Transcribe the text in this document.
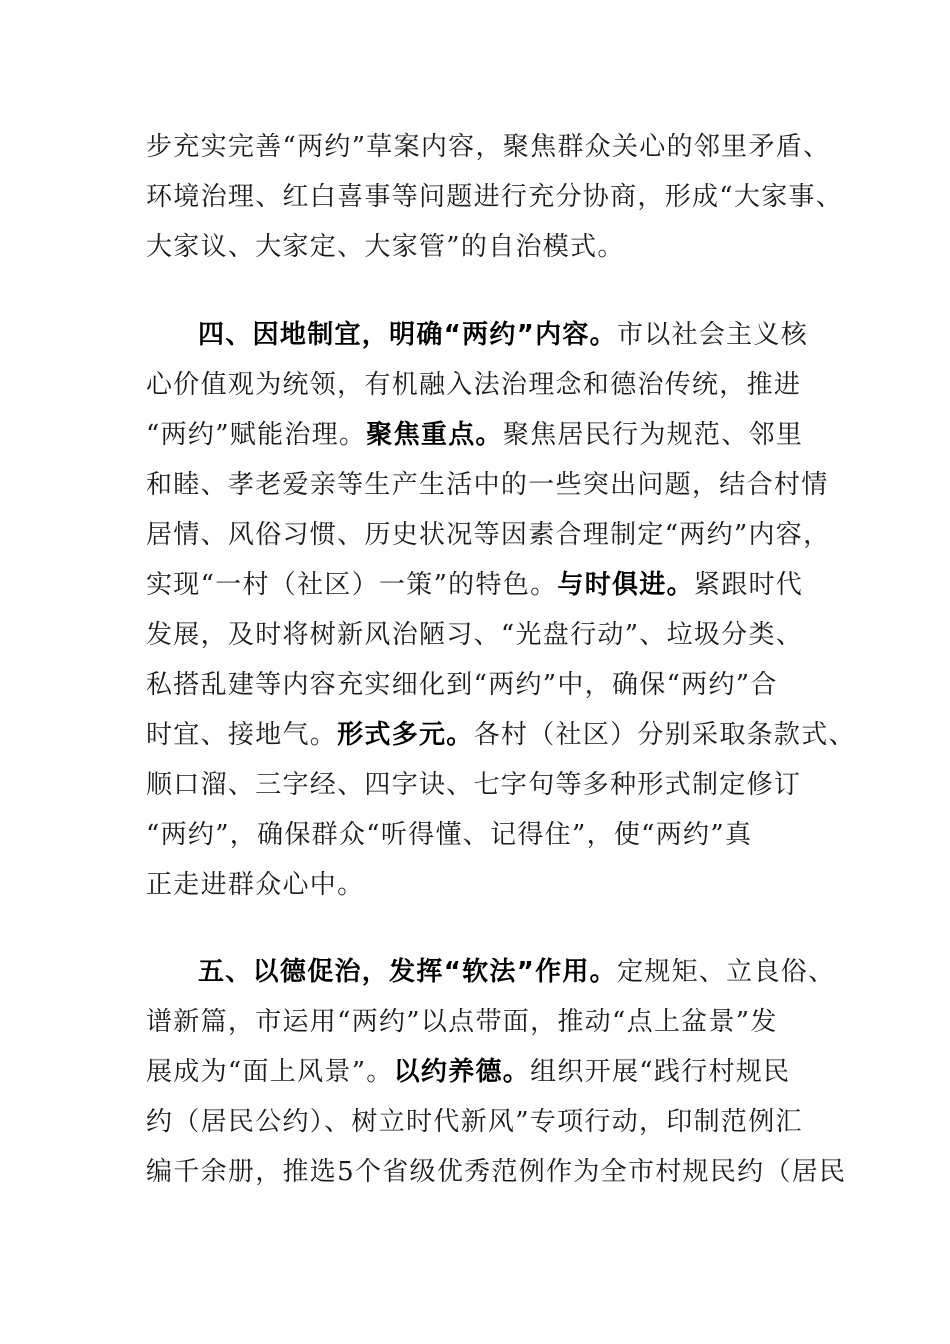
步充实完善“两约”草案内容，聚焦群众关心的邻里矛盾、
环境治理、红白喜事等问题进行充分协商，形成“大家事、
大家议、大家定、大家管”的自治模式。
四、因地制宜，明确“两约”内容。市以社会主义核
心价值观为统领，有机融入法治理念和德治传统，推进
“两约”赋能治理。聚焦重点。聚焦居民行为规范、邻里
和睦、孝老爱亲等生产生活中的一些突出问题，结合村情
居情、风俗习惯、历史状况等因素合理制定“两约”内容，
实现“一村（社区）一策”的特色。与时俱进。紧跟时代
发展，及时将树新风治陋习、“光盘行动”、垃圾分类、
私搭乱建等内容充实细化到“两约”中，确保“两约”合
时宜、接地气。形式多元。各村（社区）分别采取条款式、
顺口溜、三字经、四字诀、七字句等多种形式制定修订
“两约”，确保群众“听得懂、记得住”，使“两约”真
正走进群众心中。
五、以德促治，发挥“软法”作用。定规矩、立良俗、
谱新篇，市运用“两约”以点带面，推动“点上盆景”发
展成为“面上风景”。以约养德。组织开展“践行村规民
约（居民公约）、树立时代新风”专项行动，印制范例汇
编千余册，推选5个省级优秀范例作为全市村规民约（居民
